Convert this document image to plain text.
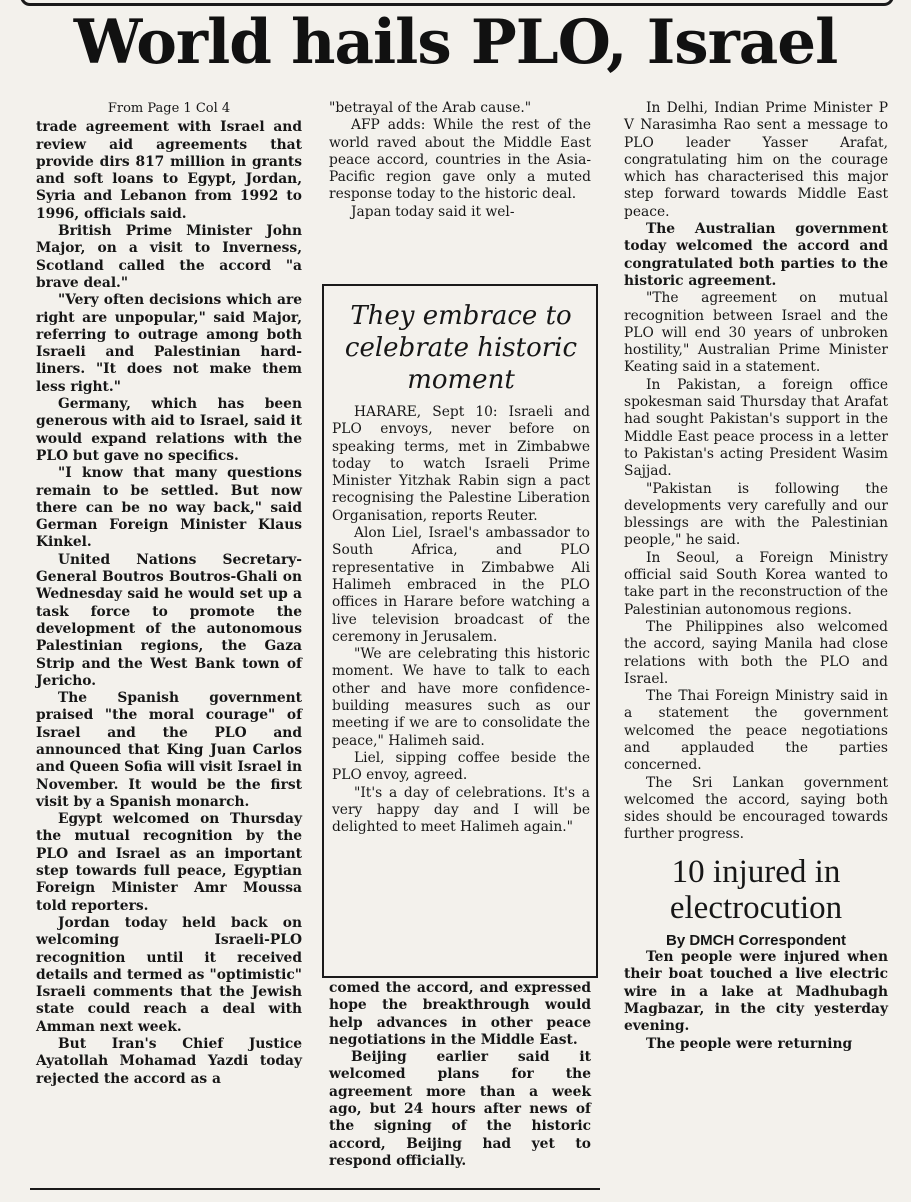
World hails PLO, Israel

From Page 1 Col 4

trade agreement with Israel and review aid agreements that provide dirs 817 million in grants and soft loans to Egypt, Jordan, Syria and Lebanon from 1992 to 1996, officials said.

British Prime Minister John Major, on a visit to Inverness, Scotland called the accord "a brave deal."

"Very often decisions which are right are unpopular," said Major, referring to outrage among both Israeli and Palestinian hard-liners. "It does not make them less right."

Germany, which has been generous with aid to Israel, said it would expand relations with the PLO but gave no specifics.

"I know that many questions remain to be settled. But now there can be no way back," said German Foreign Minister Klaus Kinkel.

United Nations Secretary-General Boutros Boutros-Ghali on Wednesday said he would set up a task force to promote the development of the autonomous Palestinian regions, the Gaza Strip and the West Bank town of Jericho.

The Spanish government praised "the moral courage" of Israel and the PLO and announced that King Juan Carlos and Queen Sofia will visit Israel in November. It would be the first visit by a Spanish monarch.

Egypt welcomed on Thursday the mutual recognition by the PLO and Israel as an important step towards full peace, Egyptian Foreign Minister Amr Moussa told reporters.

Jordan today held back on welcoming Israeli-PLO recognition until it received details and termed as "optimistic" Israeli comments that the Jewish state could reach a deal with Amman next week.

But Iran's Chief Justice Ayatollah Mohamad Yazdi today rejected the accord as a

"betrayal of the Arab cause."

AFP adds: While the rest of the world raved about the Middle East peace accord, countries in the Asia- Pacific region gave only a muted response today to the historic deal.

Japan today said it wel-

They embrace to celebrate historic moment

HARARE, Sept 10: Israeli and PLO envoys, never before on speaking terms, met in Zimbabwe today to watch Israeli Prime Minister Yitzhak Rabin sign a pact recognising the Palestine Liberation Organisation, reports Reuter.

Alon Liel, Israel's ambassador to South Africa, and PLO representative in Zimbabwe Ali Halimeh embraced in the PLO offices in Harare before watching a live television broadcast of the ceremony in Jerusalem.

"We are celebrating this historic moment. We have to talk to each other and have more confidence-building measures such as our meeting if we are to consolidate the peace," Halimeh said.

Liel, sipping coffee beside the PLO envoy, agreed.

"It's a day of celebrations. It's a very happy day and I will be delighted to meet Halimeh again."

comed the accord, and expressed hope the breakthrough would help advances in other peace negotiations in the Middle East.

Beijing earlier said it welcomed plans for the agreement more than a week ago, but 24 hours after news of the signing of the historic accord, Beijing had yet to respond officially.

In Delhi, Indian Prime Minister P V Narasimha Rao sent a message to PLO leader Yasser Arafat, congratulating him on the courage which has characterised this major step forward towards Middle East peace.

The Australian government today welcomed the accord and congratulated both parties to the historic agreement.

"The agreement on mutual recognition between Israel and the PLO will end 30 years of unbroken hostility," Australian Prime Minister Keating said in a statement.

In Pakistan, a foreign office spokesman said Thursday that Arafat had sought Pakistan's support in the Middle East peace process in a letter to Pakistan's acting President Wasim Sajjad.

"Pakistan is following the developments very carefully and our blessings are with the Palestinian people," he said.

In Seoul, a Foreign Ministry official said South Korea wanted to take part in the reconstruction of the Palestinian autonomous regions.

The Philippines also welcomed the accord, saying Manila had close relations with both the PLO and Israel.

The Thai Foreign Ministry said in a statement the government welcomed the peace negotiations and applauded the parties concerned.

The Sri Lankan government welcomed the accord, saying both sides should be encouraged towards further progress.

10 injured in electrocution

By DMCH Correspondent

Ten people were injured when their boat touched a live electric wire in a lake at Madhubagh Magbazar, in the city yesterday evening.

The people were returning
